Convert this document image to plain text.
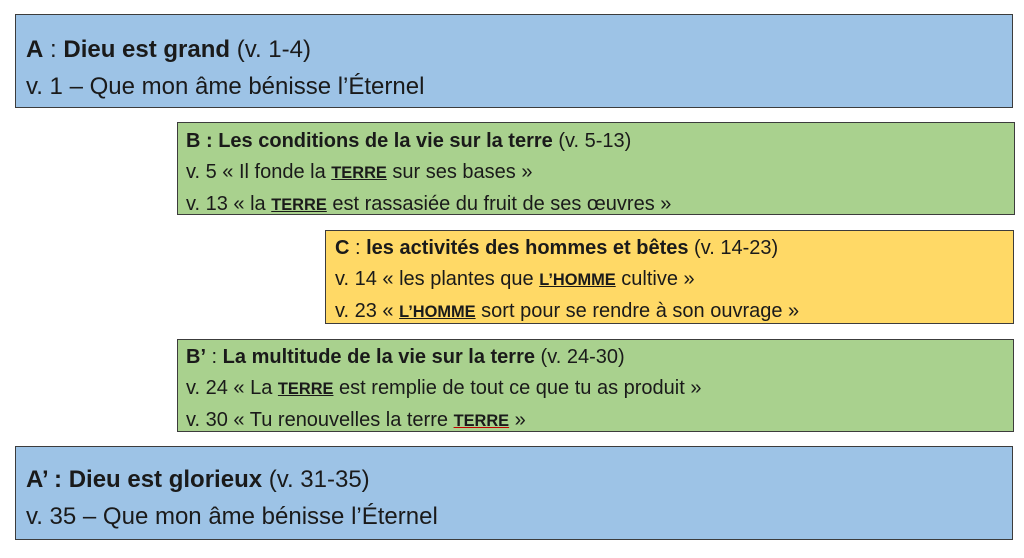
A : Dieu est grand (v. 1-4)
v. 1 – Que mon âme bénisse l’Éternel
B : Les conditions de la vie sur la terre (v. 5-13)
v. 5 « Il fonde la TERRE sur ses bases »
v. 13 « la TERRE est rassasiée du fruit de ses œuvres »
C : les activités des hommes et bêtes (v. 14-23)
v. 14 « les plantes que L’HOMME cultive »
v. 23 « L’HOMME sort pour se rendre à son ouvrage »
B’ : La multitude de la vie sur la terre (v. 24-30)
v. 24 « La TERRE est remplie de tout ce que tu as produit »
v. 30 « Tu renouvelles la terre TERRE »
A’ : Dieu est glorieux (v. 31-35)
v. 35 – Que mon âme bénisse l’Éternel
